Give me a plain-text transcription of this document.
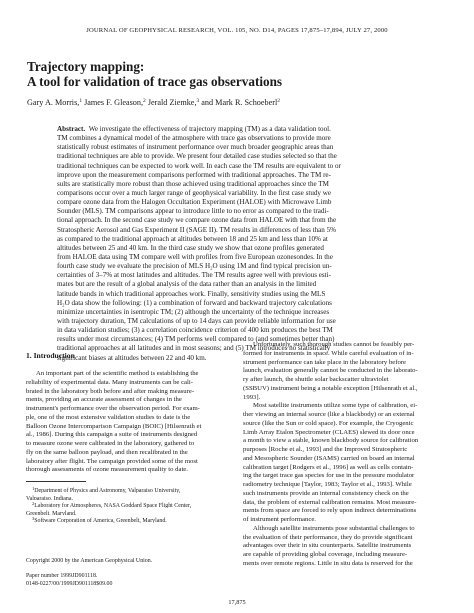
JOURNAL OF GEOPHYSICAL RESEARCH, VOL. 105, NO. D14, PAGES 17,875–17,894, JULY 27, 2000
Trajectory mapping:
A tool for validation of trace gas observations
Gary A. Morris,$^1$ James F. Gleason,$^2$ Jerald Ziemke,$^3$ and Mark R. Schoeberl$^2$
Abstract. We investigate the effectiveness of trajectory mapping (TM) as a data validation tool.
TM combines a dynamical model of the atmosphere with trace gas observations to provide more
statistically robust estimates of instrument performance over much broader geographic areas than
traditional techniques are able to provide. We present four detailed case studies selected so that the
traditional techniques can be expected to work well. In each case the TM results are equivalent to or
improve upon the measurement comparisons performed with traditional approaches. The TM re-
sults are statistically more robust than those achieved using traditional approaches since the TM
comparisons occur over a much larger range of geophysical variability. In the first case study we
compare ozone data from the Halogen Occultation Experiment (HALOE) with Microwave Limb
Sounder (MLS). TM comparisons appear to introduce little to no error as compared to the tradi-
tional approach. In the second case study we compare ozone data from HALOE with that from the
Stratospheric Aerosol and Gas Experiment II (SAGE II). TM results in differences of less than 5%
as compared to the traditional approach at altitudes between 18 and 25 km and less than 10% at
altitudes between 25 and 40 km. In the third case study we show that ozone profiles generated
from HALOE data using TM compare well with profiles from five European ozonesondes. In the
fourth case study we evaluate the precision of MLS H₂O using 1M and find typical precision un-
certainties of 3–7% at most latitudes and altitudes. The TM results agree well with previous esti-
mates but are the result of a global analysis of the data rather than an analysis in the limited
latitude bands in which traditional approaches work. Finally, sensitivity studies using the MLS
H₂O data show the following: (1) a combination of forward and backward trajectory calculations
minimize uncertainties in isentropic TM; (2) although the uncertainty of the technique increases
with trajectory duration, TM calculations of up to 14 days can provide reliable information for use
in data validation studies; (3) a correlation coincidence criterion of 400 km produces the best TM
results under most circumstances; (4) TM performs well compared to (and sometimes better than)
traditional approaches at all latitudes and in most seasons; and (5) TM introduces no statistically
significant biases at altitudes between 22 and 40 km.
1. Introduction
An important part of the scientific method is establishing the
reliability of experimental data. Many instruments can be cali-
brated in the laboratory both before and after making measure-
ments, providing an accurate assessment of changes in the
instrument's performance over the observation period. For exam-
ple, one of the most extensive validation studies to date is the
Balloon Ozone Intercomparison Campaign (BOIC) [Hilsenrath et
al., 1986]. During this campaign a suite of instruments designed
to measure ozone were calibrated in the laboratory, gathered to
fly on the same balloon payload, and then recalibrated in the
laboratory after flight. The campaign provided some of the most
thorough assessments of ozone measurement quality to date.
$^1$Department of Physics and Astronomy, Valparaiso University,
Valparaiso, Indiana.
$^2$Laboratory for Atmospheres, NASA Goddard Space Flight Center,
Greenbelt, Maryland.
$^3$Software Corporation of America, Greenbelt, Maryland.
Copyright 2000 by the American Geophysical Union.
Paper number 1999JD901118.
0148-0227/00/1999JD901118$09.00
Unfortunately, such thorough studies cannot be feasibly per-
formed for instruments in space. While careful evaluation of in-
strument performance can take place in the laboratory before
launch, evaluation generally cannot be conducted in the laborato-
ry after launch, the shuttle solar backscatter ultraviolet
(SSBUV) instrument being a notable exception [Hilsenrath et al.,
1993].
Most satellite instruments utilize some type of calibration, ei-
ther viewing an internal source (like a blackbody) or an external
source (like the Sun or cold space). For example, the Cryogenic
Limb Array Etalon Spectrometer (CLAES) slewed its door once
a month to view a stable, known blackbody source for calibration
purposes [Roche et al., 1993] and the Improved Stratospheric
and Mesospheric Sounder (ISAMS) carried on board an internal
calibration target [Rodgers et al., 1996] as well as cells contain-
ing the target trace gas species for use in the pressure modulator
radiometry technique [Taylor, 1983; Taylor et al., 1993]. While
such instruments provide an internal consistency check on the
data, the problem of external calibration remains. Most measure-
ments from space are forced to rely upon indirect determinations
of instrument performance.
Although satellite instruments pose substantial challenges to
the evaluation of their performance, they do provide significant
advantages over their in situ counterparts. Satellite instruments
are capable of providing global coverage, including measure-
ments over remote regions. Little in situ data is reserved for the
17,875
